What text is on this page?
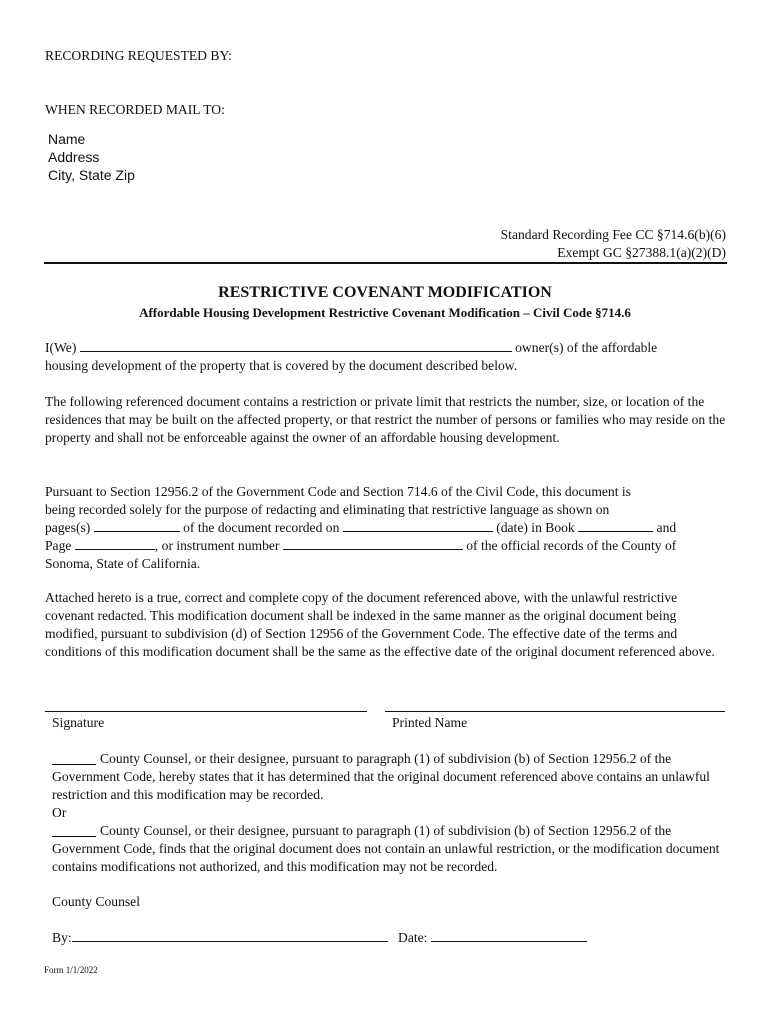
RECORDING REQUESTED BY:
WHEN RECORDED MAIL TO:
Name
Address
City, State Zip
Standard Recording Fee CC §714.6(b)(6)
Exempt GC §27388.1(a)(2)(D)
RESTRICTIVE COVENANT MODIFICATION
Affordable Housing Development Restrictive Covenant Modification – Civil Code §714.6
I(We)	owner(s) of the affordable
housing development of the property that is covered by the document described below.
The following referenced document contains a restriction or private limit that restricts the number, size, or location of the residences that may be built on the affected property, or that restrict the number of persons or families who may reside on the property and shall not be enforceable against the owner of an affordable housing development.
Pursuant to Section 12956.2 of the Government Code and Section 714.6 of the Civil Code, this document is
being recorded solely for the purpose of redacting and eliminating that restrictive language as shown on
pages(s)	of the document recorded on	(date) in Book	and
Page	, or instrument number	of the official records of the County of
Sonoma, State of California.
Attached hereto is a true, correct and complete copy of the document referenced above, with the unlawful restrictive covenant redacted. This modification document shall be indexed in the same manner as the original document being modified, pursuant to subdivision (d) of Section 12956 of the Government Code. The effective date of the terms and conditions of this modification document shall be the same as the effective date of the original document referenced above.
Signature	Printed Name
County Counsel, or their designee, pursuant to paragraph (1) of subdivision (b) of Section 12956.2 of the Government Code, hereby states that it has determined that the original document referenced above contains an unlawful restriction and this modification may be recorded.
Or
County Counsel, or their designee, pursuant to paragraph (1) of subdivision (b) of Section 12956.2 of the Government Code, finds that the original document does not contain an unlawful restriction, or the modification document contains modifications not authorized, and this modification may not be recorded.
County Counsel
By:	Date:
Form 1/1/2022
